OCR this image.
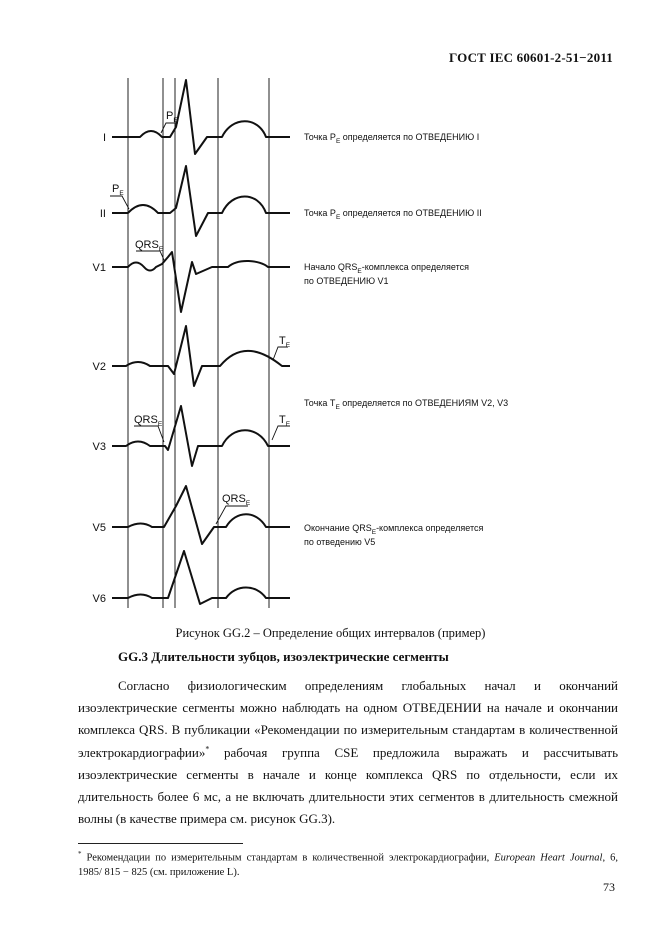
ГОСТ IEC 60601-2-51−2011
I
II
V1
V2
V3
V5
V6
$P_E$
$P_E$
$QRS_E$
$T_E$
$QRS_E$	$T_E$
$QRS_E$
Точка $P_E$ определяется по ОТВЕДЕНИЮ I
Точка $P_E$ определяется по ОТВЕДЕНИЮ II
Начало $QRS_E$-комплекса определяется
по ОТВЕДЕНИЮ V1
Точка $T_E$ определяется по ОТВЕДЕНИЯМ V2, V3
Окончание $QRS_E$-комплекса определяется
по отведению V5
Рисунок GG.2 – Определение общих интервалов (пример)
GG.3 Длительности зубцов, изоэлектрические сегменты

Согласно физиологическим определениям глобальных начал и окончаний изоэлектрические сегменты можно наблюдать на одном ОТВЕДЕНИИ на начале и окончании комплекса QRS. В публикации «Рекомендации по измерительным стандартам в количественной электрокардиографии»* рабочая группа CSE предложила выражать и рассчитывать изоэлектрические сегменты в начале и конце комплекса QRS по отдельности, если их длительность более 6 мс, а не включать длительности этих сегментов в длительность смежной волны (в качестве примера см. рисунок GG.3).

* Рекомендации по измерительным стандартам в количественной электрокардиографии, European Heart Journal, 6, 1985/ 815 − 825 (см. приложение L).
73
